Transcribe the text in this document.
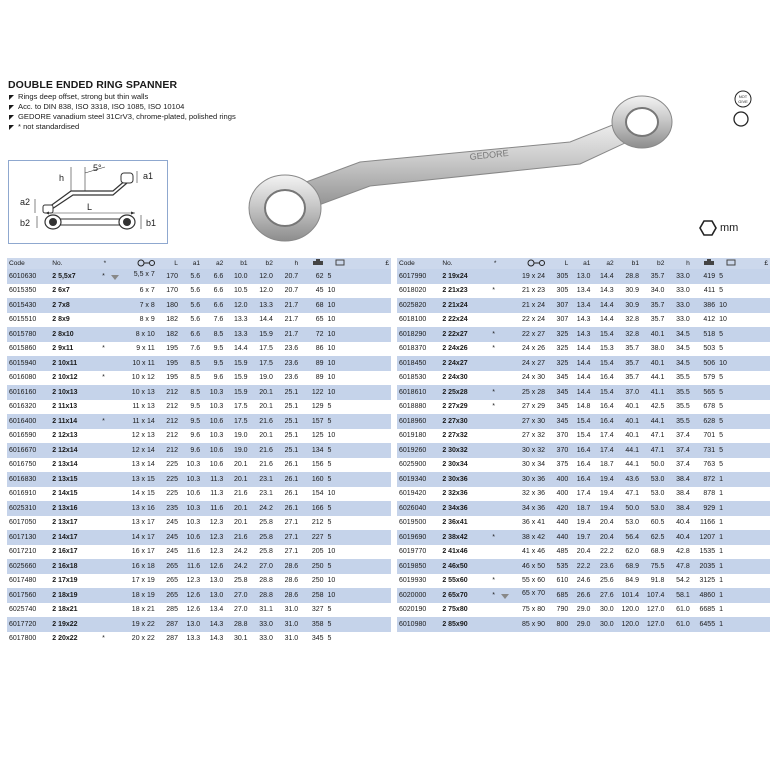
DOUBLE ENDED RING SPANNER
Rings deep offset, strong but thin walls
Acc. to DIN 838, ISO 3318, ISO 1085, ISO 10104
GEDORE vanadium steel 31CrV3, chrome-plated, polished rings
* not standardised
h
5°
a1
a2	L
b2	b1
GEDORE
NOT
GIVE
mm
Code	No.	*		L	a1	a2	b1	b2	h			£
6010630	2 5,5x7	*	5,5 x 7	170	5.6	6.6	10.0	12.0	20.7	62	5	
6015350	2 6x7		6 x 7	170	5.6	6.6	10.5	12.0	20.7	45	10	
6015430	2 7x8		7 x 8	180	5.6	6.6	12.0	13.3	21.7	68	10	
6015510	2 8x9		8 x 9	182	5.6	7.6	13.3	14.4	21.7	65	10	
6015780	2 8x10		8 x 10	182	6.6	8.5	13.3	15.9	21.7	72	10	
6015860	2 9x11	*	9 x 11	195	7.6	9.5	14.4	17.5	23.6	86	10	
6015940	2 10x11		10 x 11	195	8.5	9.5	15.9	17.5	23.6	89	10	
6016080	2 10x12	*	10 x 12	195	8.5	9.6	15.9	19.0	23.6	89	10	
6016160	2 10x13		10 x 13	212	8.5	10.3	15.9	20.1	25.1	122	10	
6016320	2 11x13		11 x 13	212	9.5	10.3	17.5	20.1	25.1	129	5	
6016400	2 11x14	*	11 x 14	212	9.5	10.6	17.5	21.6	25.1	157	5	
6016590	2 12x13		12 x 13	212	9.6	10.3	19.0	20.1	25.1	125	10	
6016670	2 12x14		12 x 14	212	9.6	10.6	19.0	21.6	25.1	134	5	
6016750	2 13x14		13 x 14	225	10.3	10.6	20.1	21.6	26.1	156	5	
6016830	2 13x15		13 x 15	225	10.3	11.3	20.1	23.1	26.1	160	5	
6016910	2 14x15		14 x 15	225	10.6	11.3	21.6	23.1	26.1	154	10	
6025310	2 13x16		13 x 16	235	10.3	11.6	20.1	24.2	26.1	166	5	
6017050	2 13x17		13 x 17	245	10.3	12.3	20.1	25.8	27.1	212	5	
6017130	2 14x17		14 x 17	245	10.6	12.3	21.6	25.8	27.1	227	5	
6017210	2 16x17		16 x 17	245	11.6	12.3	24.2	25.8	27.1	205	10	
6025660	2 16x18		16 x 18	265	11.6	12.6	24.2	27.0	28.6	250	5	
6017480	2 17x19		17 x 19	265	12.3	13.0	25.8	28.8	28.6	250	10	
6017560	2 18x19		18 x 19	265	12.6	13.0	27.0	28.8	28.6	258	10	
6025740	2 18x21		18 x 21	285	12.6	13.4	27.0	31.1	31.0	327	5	
6017720	2 19x22		19 x 22	287	13.0	14.3	28.8	33.0	31.0	358	5	
6017800	2 20x22	*	20 x 22	287	13.3	14.3	30.1	33.0	31.0	345	5	
Code	No.	*		L	a1	a2	b1	b2	h			£
6017990	2 19x24		19 x 24	305	13.0	14.4	28.8	35.7	33.0	419	5	
6018020	2 21x23	*	21 x 23	305	13.4	14.3	30.9	34.0	33.0	411	5	
6025820	2 21x24		21 x 24	307	13.4	14.4	30.9	35.7	33.0	386	10	
6018100	2 22x24		22 x 24	307	14.3	14.4	32.8	35.7	33.0	412	10	
6018290	2 22x27	*	22 x 27	325	14.3	15.4	32.8	40.1	34.5	518	5	
6018370	2 24x26	*	24 x 26	325	14.4	15.3	35.7	38.0	34.5	503	5	
6018450	2 24x27		24 x 27	325	14.4	15.4	35.7	40.1	34.5	506	10	
6018530	2 24x30		24 x 30	345	14.4	16.4	35.7	44.1	35.5	579	5	
6018610	2 25x28	*	25 x 28	345	14.4	15.4	37.0	41.1	35.5	565	5	
6018880	2 27x29	*	27 x 29	345	14.8	16.4	40.1	42.5	35.5	678	5	
6018960	2 27x30		27 x 30	345	15.4	16.4	40.1	44.1	35.5	628	5	
6019180	2 27x32		27 x 32	370	15.4	17.4	40.1	47.1	37.4	701	5	
6019260	2 30x32		30 x 32	370	16.4	17.4	44.1	47.1	37.4	731	5	
6025900	2 30x34		30 x 34	375	16.4	18.7	44.1	50.0	37.4	763	5	
6019340	2 30x36		30 x 36	400	16.4	19.4	43.6	53.0	38.4	872	1	
6019420	2 32x36		32 x 36	400	17.4	19.4	47.1	53.0	38.4	878	1	
6026040	2 34x36		34 x 36	420	18.7	19.4	50.0	53.0	38.4	929	1	
6019500	2 36x41		36 x 41	440	19.4	20.4	53.0	60.5	40.4	1166	1	
6019690	2 38x42	*	38 x 42	440	19.7	20.4	56.4	62.5	40.4	1207	1	
6019770	2 41x46		41 x 46	485	20.4	22.2	62.0	68.9	42.8	1535	1	
6019850	2 46x50		46 x 50	535	22.2	23.6	68.9	75.5	47.8	2035	1	
6019930	2 55x60	*	55 x 60	610	24.6	25.6	84.9	91.8	54.2	3125	1	
6020000	2 65x70	*	65 x 70	685	26.6	27.6	101.4	107.4	58.1	4860	1	
6020190	2 75x80		75 x 80	790	29.0	30.0	120.0	127.0	61.0	6685	1	
6010980	2 85x90		85 x 90	800	29.0	30.0	120.0	127.0	61.0	6455	1	
